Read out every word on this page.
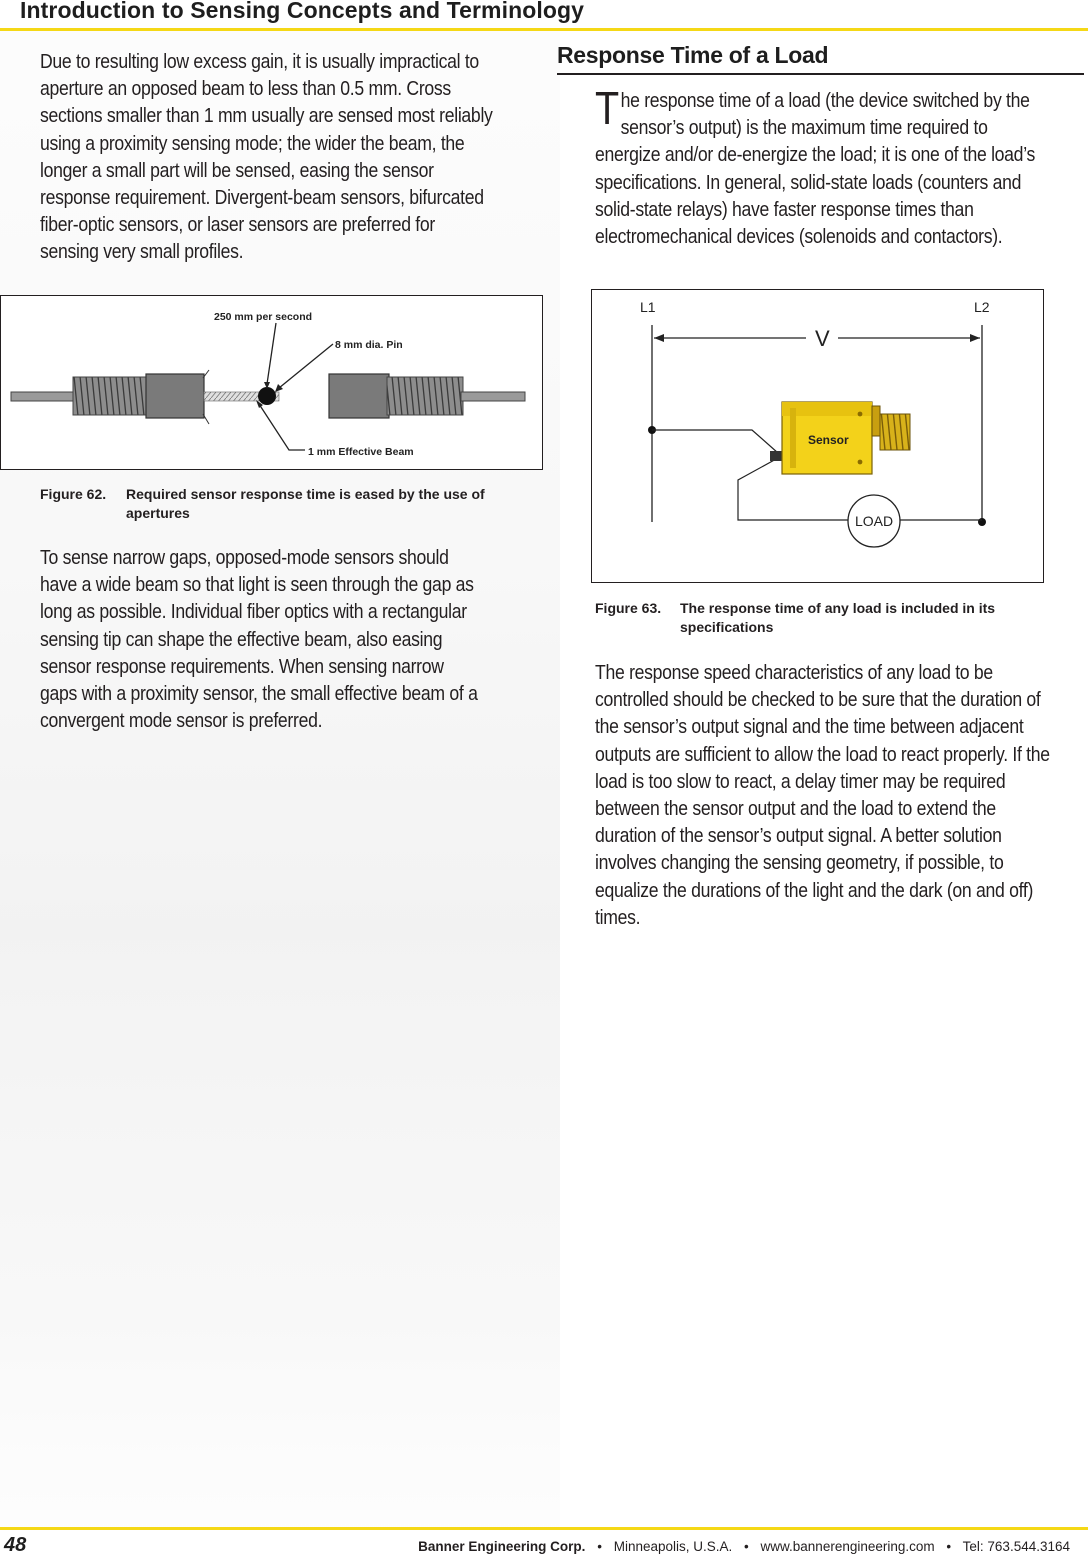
Introduction to Sensing Concepts and Terminology

Due to resulting low excess gain, it is usually impractical to aperture an opposed beam to less than 0.5 mm. Cross sections smaller than 1 mm usually are sensed most reliably using a proximity sensing mode; the wider the beam, the longer a small part will be sensed, easing the sensor response requirement. Divergent-beam sensors, bifurcated fiber-optic sensors, or laser sensors are preferred for sensing very small profiles.

250 mm per second
8 mm dia. Pin
1 mm Effective Beam
Figure 62. Required sensor response time is eased by the use of apertures

To sense narrow gaps, opposed-mode sensors should have a wide beam so that light is seen through the gap as long as possible. Individual fiber optics with a rectangular sensing tip can shape the effective beam, also easing sensor response requirements. When sensing narrow gaps with a proximity sensor, the small effective beam of a convergent mode sensor is preferred.

Response Time of a Load

The response time of a load (the device switched by the sensor’s output) is the maximum time required to energize and/or de-energize the load; it is one of the load’s specifications. In general, solid-state loads (counters and solid-state relays) have faster response times than electromechanical devices (solenoids and contactors).

L1	L2
V
Sensor
LOAD
Figure 63. The response time of any load is included in its specifications

The response speed characteristics of any load to be controlled should be checked to be sure that the duration of the sensor’s output signal and the time between adjacent outputs are sufficient to allow the load to react properly. If the load is too slow to react, a delay timer may be required between the sensor output and the load to extend the duration of the sensor’s output signal. A better solution involves changing the sensing geometry, if possible, to equalize the durations of the light and the dark (on and off) times.

48	Banner Engineering Corp. • Minneapolis, U.S.A. • www.bannerengineering.com • Tel: 763.544.3164
